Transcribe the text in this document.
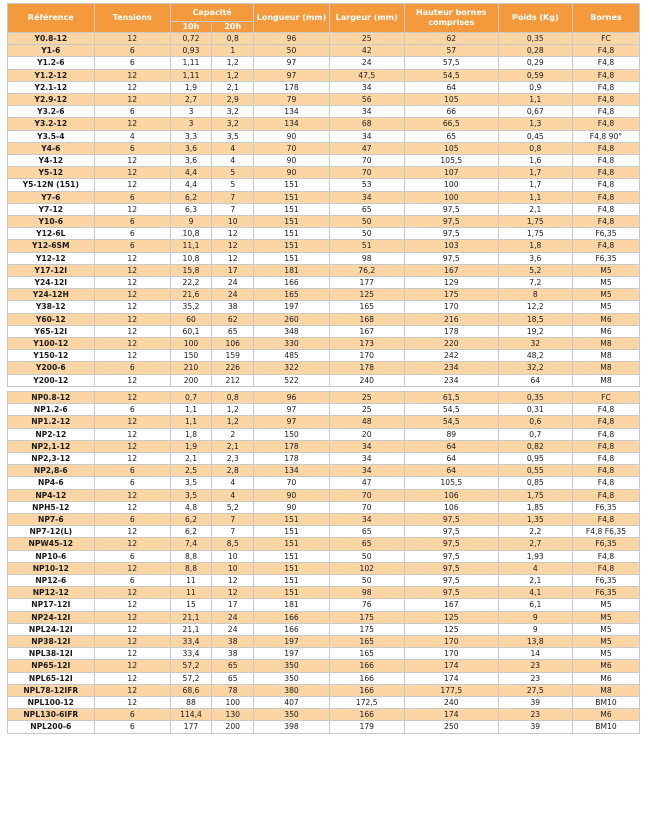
Référence	Tensions	Capacité		Longueur (mm)	Largeur (mm)	Hauteur bornes comprises	Poids (Kg)	Bornes
		10h	20h					
Y0.8-12	12	0,72	0,8	96	25	62	0,35	FC
Y1-6	6	0,93	1	50	42	57	0,28	F4,8
Y1.2-6	6	1,11	1,2	97	24	57,5	0,29	F4,8
Y1.2-12	12	1,11	1,2	97	47,5	54,5	0,59	F4,8
Y2.1-12	12	1,9	2,1	178	34	64	0,9	F4,8
Y2.9-12	12	2,7	2,9	79	56	105	1,1	F4,8
Y3.2-6	6	3	3,2	134	34	66	0,67	F4,8
Y3.2-12	12	3	3,2	134	68	66,5	1,3	F4,8
Y3.5-4	4	3,3	3,5	90	34	65	0,45	F4,8 90°
Y4-6	6	3,6	4	70	47	105	0,8	F4,8
Y4-12	12	3,6	4	90	70	105,5	1,6	F4,8
Y5-12	12	4,4	5	90	70	107	1,7	F4,8
Y5-12N (151)	12	4,4	5	151	53	100	1,7	F4,8
Y7-6	6	6,2	7	151	34	100	1,1	F4,8
Y7-12	12	6,3	7	151	65	97,5	2,1	F4,8
Y10-6	6	9	10	151	50	97,5	1,75	F4,8
Y12-6L	6	10,8	12	151	50	97,5	1,75	F6,35
Y12-6SM	6	11,1	12	151	51	103	1,8	F4,8
Y12-12	12	10,8	12	151	98	97,5	3,6	F6,35
Y17-12I	12	15,8	17	181	76,2	167	5,2	M5
Y24-12I	12	22,2	24	166	177	129	7,2	M5
Y24-12H	12	21,6	24	165	125	175	8	M5
Y38-12	12	35,2	38	197	165	170	12,2	M5
Y60-12	12	60	62	260	168	216	18,5	M6
Y65-12I	12	60,1	65	348	167	178	19,2	M6
Y100-12	12	100	106	330	173	220	32	M8
Y150-12	12	150	159	485	170	242	48,2	M8
Y200-6	6	210	226	322	178	234	32,2	M8
Y200-12	12	200	212	522	240	234	64	M8

NP0.8-12	12	0,7	0,8	96	25	61,5	0,35	FC
NP1.2-6	6	1,1	1,2	97	25	54,5	0,31	F4,8
NP1.2-12	12	1,1	1,2	97	48	54,5	0,6	F4,8
NP2-12	12	1,8	2	150	20	89	0,7	F4,8
NP2,1-12	12	1,9	2,1	178	34	64	0,82	F4,8
NP2,3-12	12	2,1	2,3	178	34	64	0,95	F4,8
NP2,8-6	6	2,5	2,8	134	34	64	0,55	F4,8
NP4-6	6	3,5	4	70	47	105,5	0,85	F4,8
NP4-12	12	3,5	4	90	70	106	1,75	F4,8
NPH5-12	12	4,8	5,2	90	70	106	1,85	F6,35
NP7-6	6	6,2	7	151	34	97,5	1,35	F4,8
NP7-12(L)	12	6,2	7	151	65	97,5	2,2	F4,8 F6,35
NPW45-12	12	7,4	8,5	151	65	97,5	2,7	F6,35
NP10-6	6	8,8	10	151	50	97,5	1,93	F4,8
NP10-12	12	8,8	10	151	102	97,5	4	F4,8
NP12-6	6	11	12	151	50	97,5	2,1	F6,35
NP12-12	12	11	12	151	98	97,5	4,1	F6,35
NP17-12I	12	15	17	181	76	167	6,1	M5
NP24-12I	12	21,1	24	166	175	125	9	M5
NPL24-12I	12	21,1	24	166	175	125	9	M5
NP38-12I	12	33,4	38	197	165	170	13,8	M5
NPL38-12I	12	33,4	38	197	165	170	14	M5
NP65-12I	12	57,2	65	350	166	174	23	M6
NPL65-12I	12	57,2	65	350	166	174	23	M6
NPL78-12IFR	12	68,6	78	380	166	177,5	27,5	M8
NPL100-12	12	88	100	407	172,5	240	39	BM10
NPL130-6IFR	6	114,4	130	350	166	174	23	M6
NPL200-6	6	177	200	398	179	250	39	BM10
